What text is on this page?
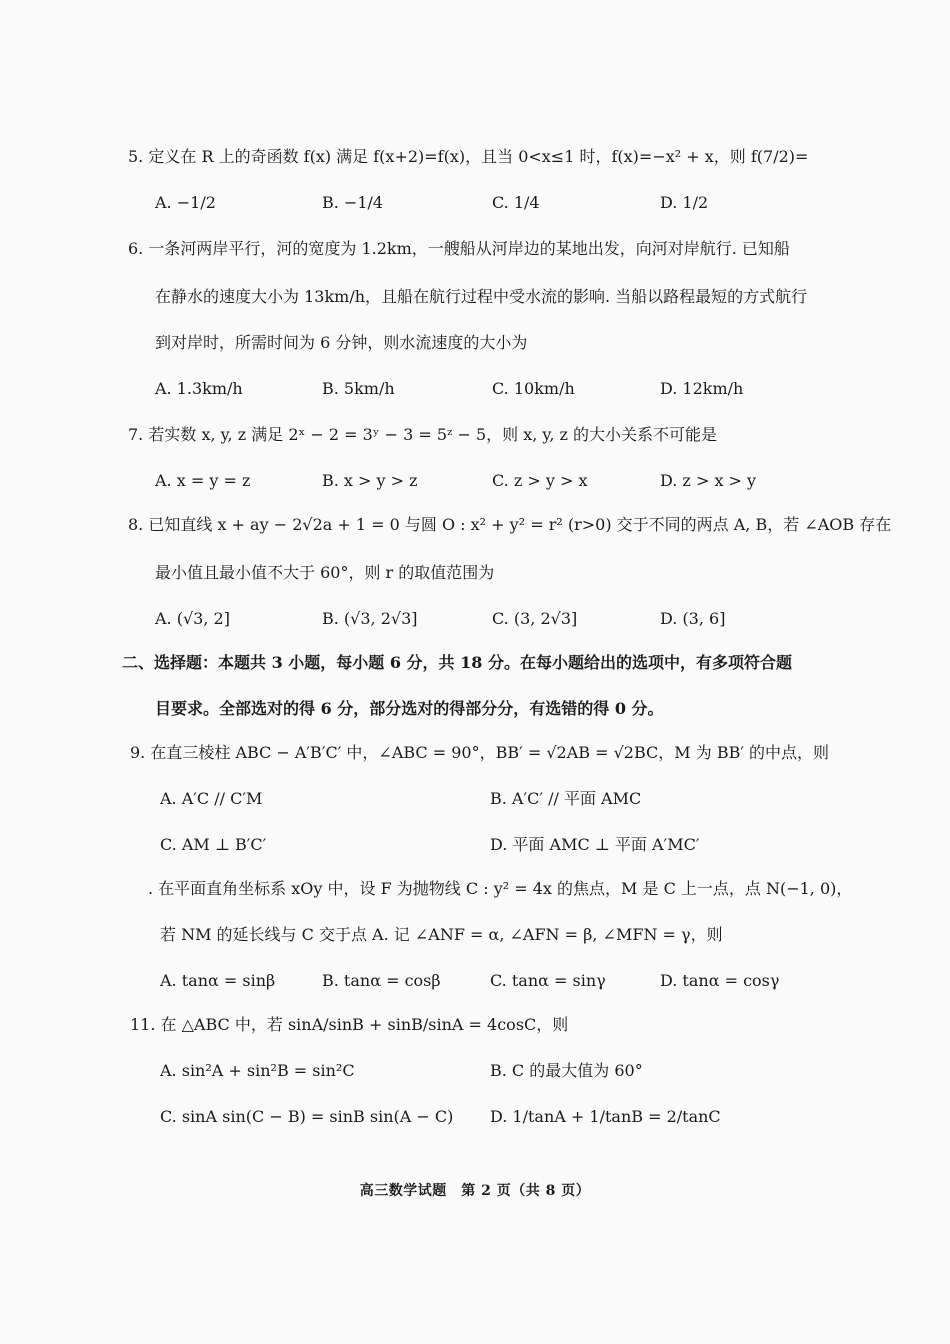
5. 定义在 R 上的奇函数 f(x) 满足 f(x+2)=f(x)，且当 0<x≤1 时，f(x)=−x² + x，则 f(7/2)=
A. −1/2	B. −1/4	C. 1/4	D. 1/2
6. 一条河两岸平行，河的宽度为 1.2km，一艘船从河岸边的某地出发，向河对岸航行. 已知船
在静水的速度大小为 13km/h，且船在航行过程中受水流的影响. 当船以路程最短的方式航行
到对岸时，所需时间为 6 分钟，则水流速度的大小为
A. 1.3km/h	B. 5km/h	C. 10km/h	D. 12km/h
7. 若实数 x, y, z 满足 2ˣ − 2 = 3ʸ − 3 = 5ᶻ − 5，则 x, y, z 的大小关系不可能是
A. x = y = z	B. x > y > z	C. z > y > x	D. z > x > y
8. 已知直线 x + ay − 2√2a + 1 = 0 与圆 O : x² + y² = r² (r>0) 交于不同的两点 A, B，若 ∠AOB 存在
最小值且最小值不大于 60°，则 r 的取值范围为
A. (√3, 2]	B. (√3, 2√3]	C. (3, 2√3]	D. (3, 6]
二、选择题：本题共 3 小题，每小题 6 分，共 18 分。在每小题给出的选项中，有多项符合题
目要求。全部选对的得 6 分，部分选对的得部分分，有选错的得 0 分。
9. 在直三棱柱 ABC − A′B′C′ 中，∠ABC = 90°，BB′ = √2AB = √2BC，M 为 BB′ 的中点，则
A. A′C // C′M	B. A′C′ // 平面 AMC
C. AM ⊥ B′C′	D. 平面 AMC ⊥ 平面 A′MC′
. 在平面直角坐标系 xOy 中，设 F 为抛物线 C : y² = 4x 的焦点，M 是 C 上一点，点 N(−1, 0)，
若 NM 的延长线与 C 交于点 A. 记 ∠ANF = α, ∠AFN = β, ∠MFN = γ，则
A. tanα = sinβ	B. tanα = cosβ	C. tanα = sinγ	D. tanα = cosγ
11. 在 △ABC 中，若 sinA/sinB + sinB/sinA = 4cosC，则
A. sin²A + sin²B = sin²C	B. C 的最大值为 60°
C. sinA sin(C − B) = sinB sin(A − C) D. 1/tanA + 1/tanB = 2/tanC
高三数学试题　第 2 页（共 8 页）
